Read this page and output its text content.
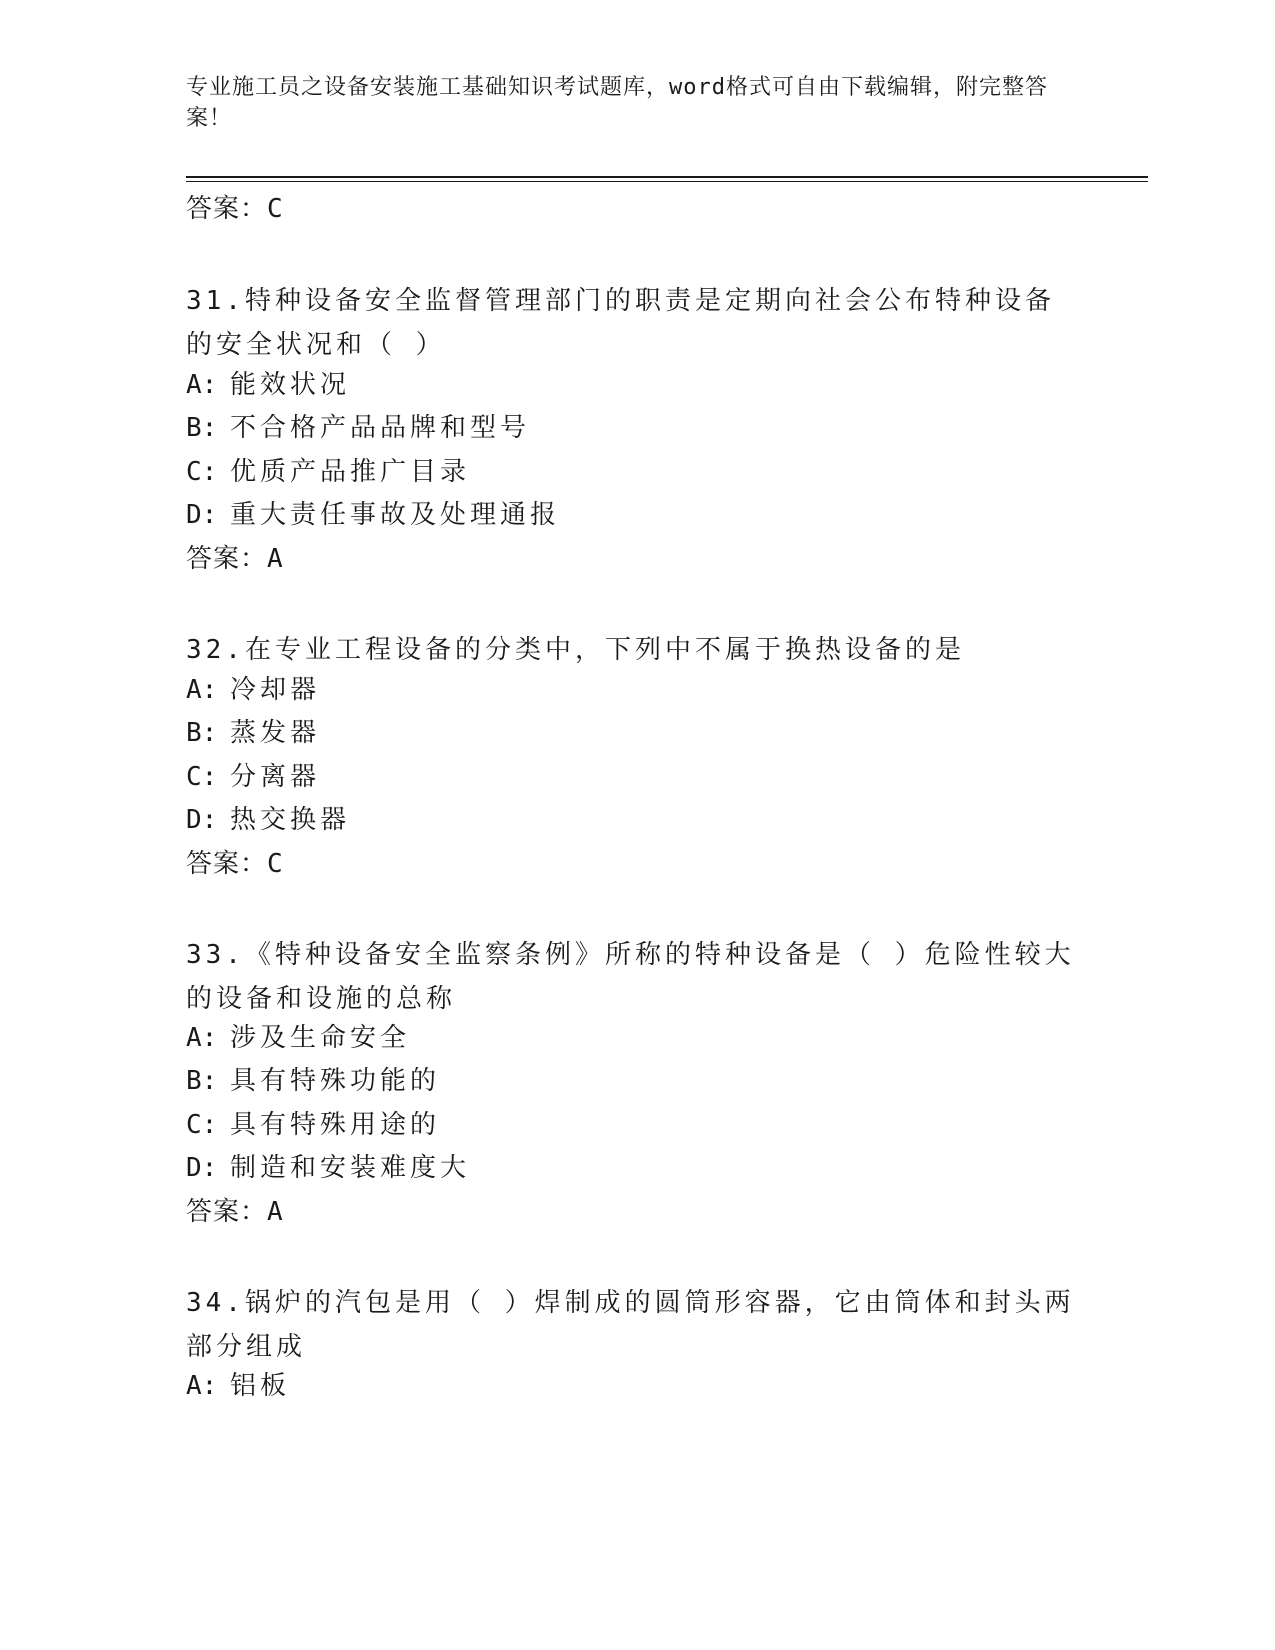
专业施工员之设备安装施工基础知识考试题库，word格式可自由下载编辑，附完整答案！
答案：C
31.特种设备安全监督管理部门的职责是定期向社会公布特种设备的安全状况和（ ）
A: 能效状况
B: 不合格产品品牌和型号
C: 优质产品推广目录
D: 重大责任事故及处理通报
答案：A
32.在专业工程设备的分类中，下列中不属于换热设备的是
A: 冷却器
B: 蒸发器
C: 分离器
D: 热交换器
答案：C
33.《特种设备安全监察条例》所称的特种设备是（ ）危险性较大的设备和设施的总称
A: 涉及生命安全
B: 具有特殊功能的
C: 具有特殊用途的
D: 制造和安装难度大
答案：A
34.锅炉的汽包是用（ ）焊制成的圆筒形容器，它由筒体和封头两部分组成
A: 铝板
